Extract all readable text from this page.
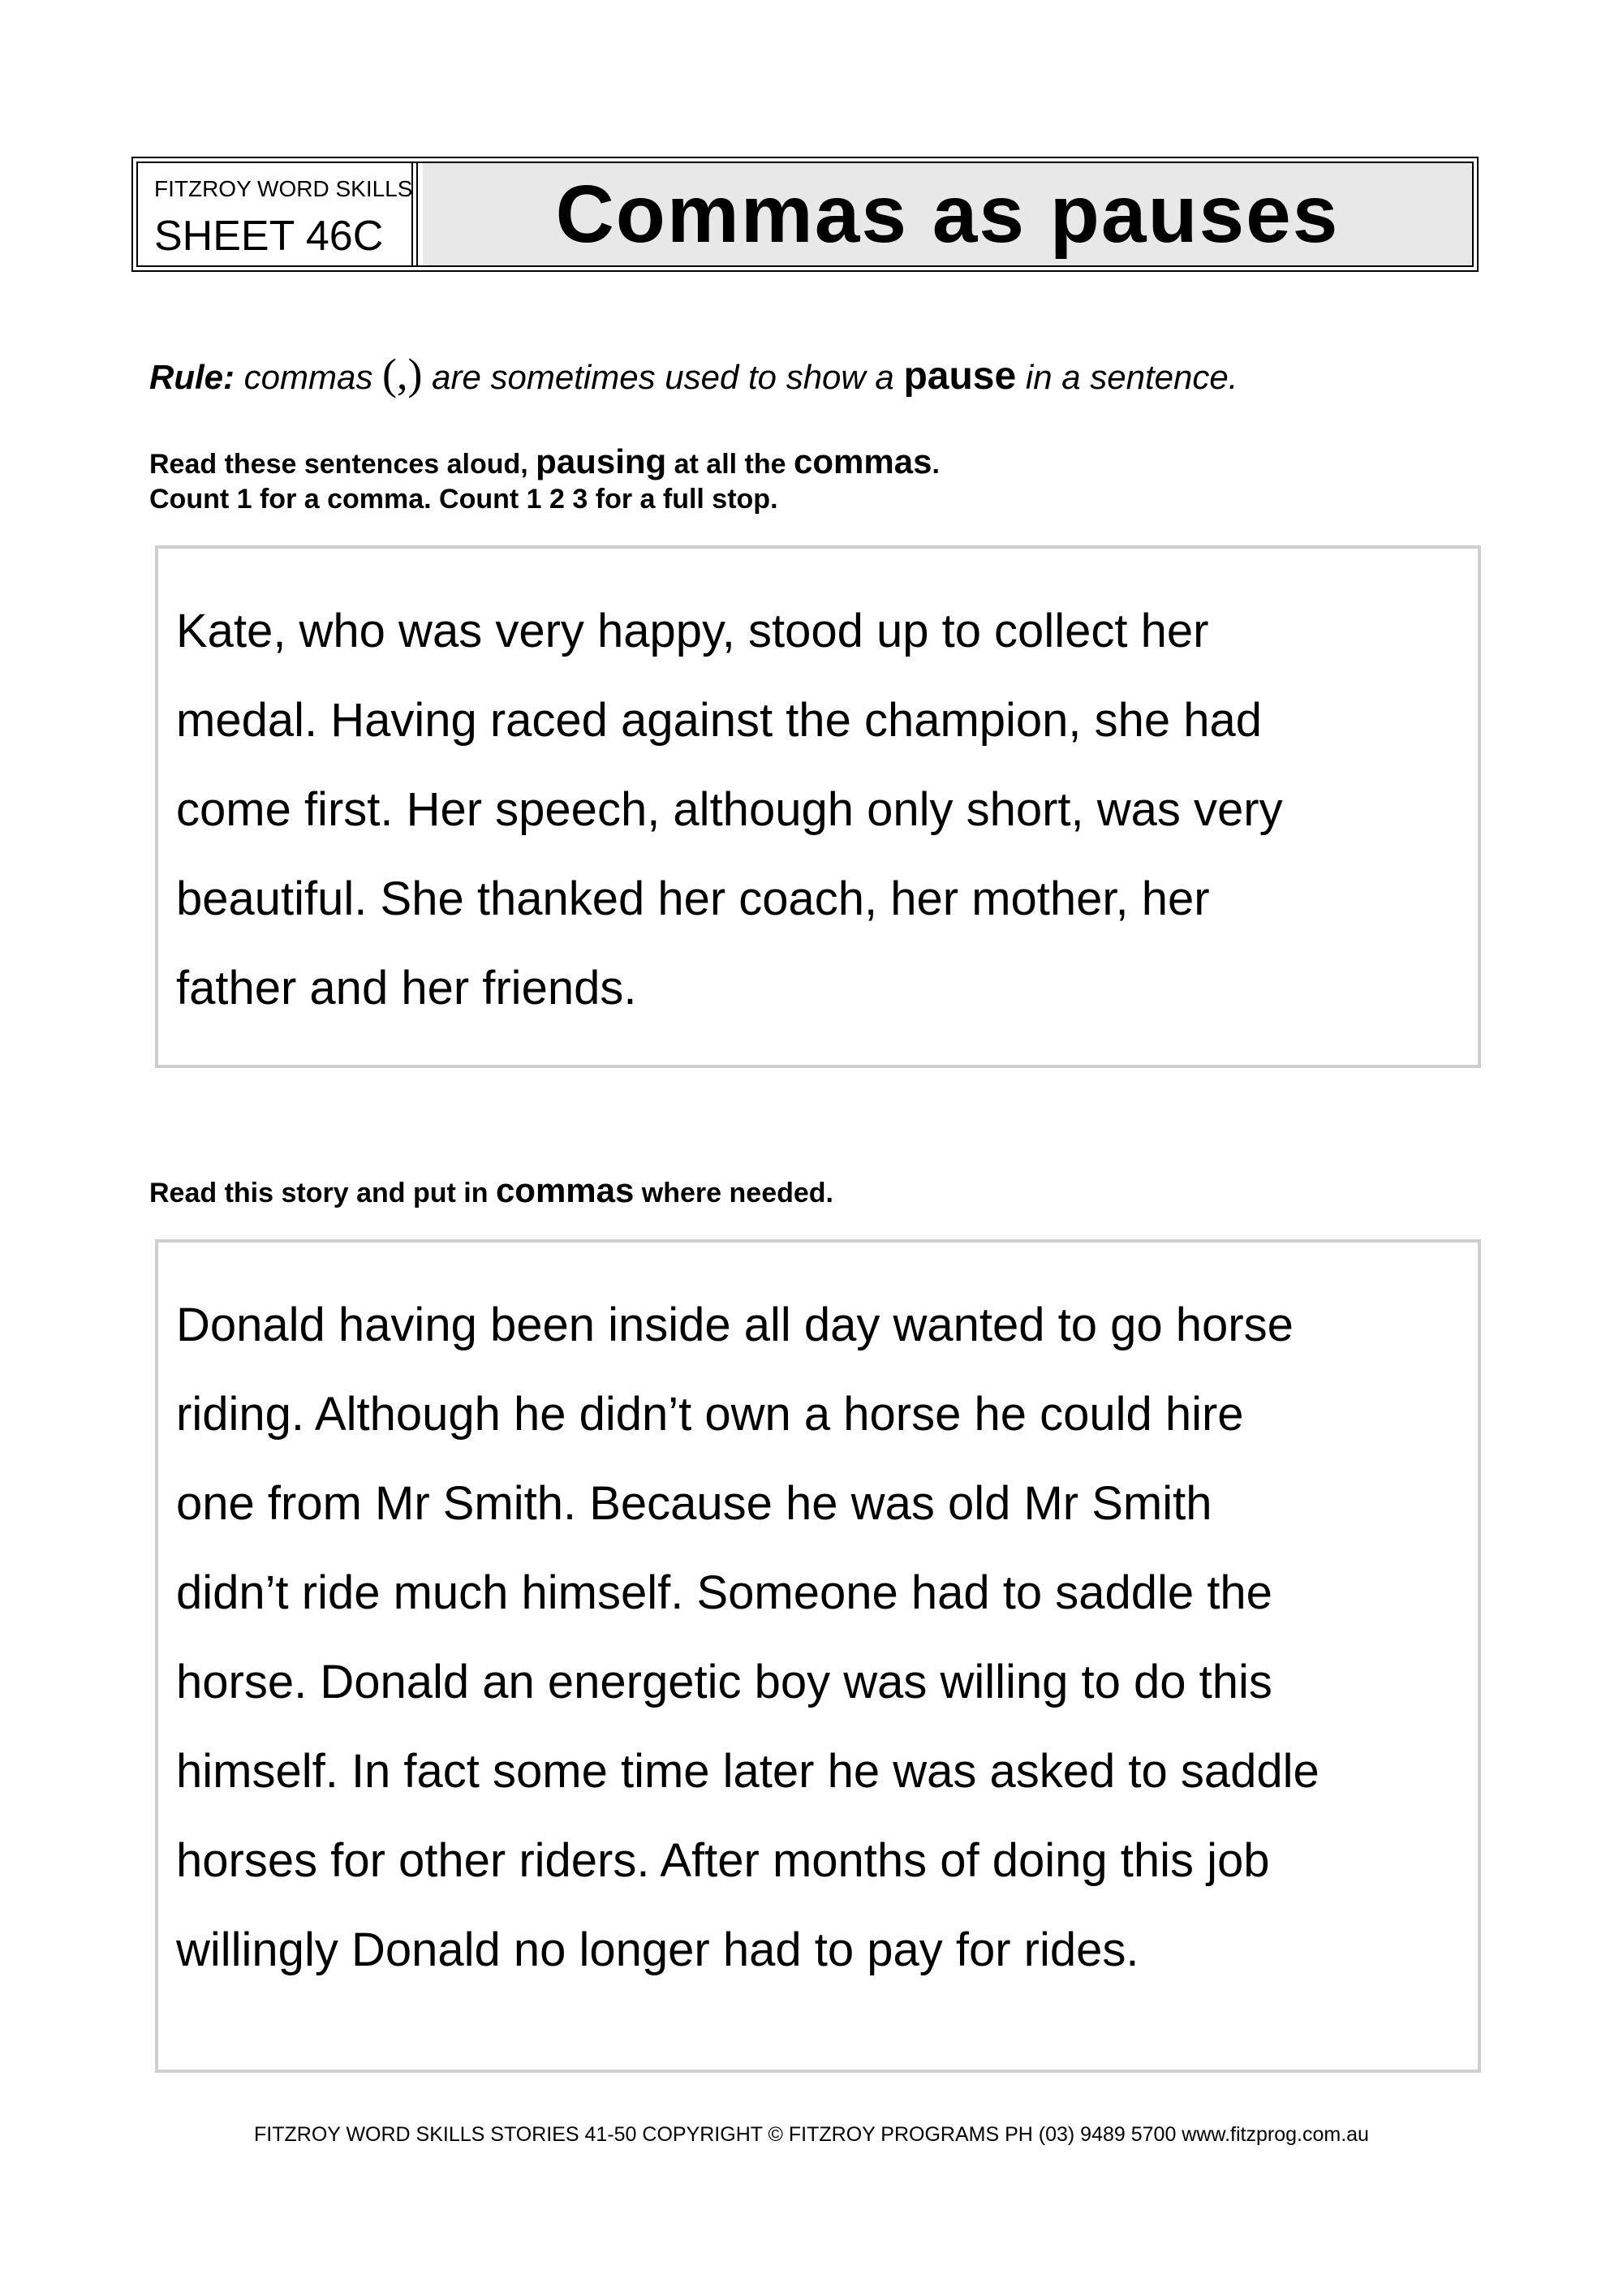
FITZROY WORD SKILLS
SHEET 46C Commas as pauses
Rule: commas (,) are sometimes used to show a pause in a sentence.
Read these sentences aloud, pausing at all the commas.
Count 1 for a comma. Count 1 2 3 for a full stop.
Kate, who was very happy, stood up to collect her
medal. Having raced against the champion, she had
come first. Her speech, although only short, was very
beautiful. She thanked her coach, her mother, her
father and her friends.
Read this story and put in commas where needed.
Donald having been inside all day wanted to go horse
riding. Although he didn’t own a horse he could hire
one from Mr Smith. Because he was old Mr Smith
didn’t ride much himself. Someone had to saddle the
horse. Donald an energetic boy was willing to do this
himself. In fact some time later he was asked to saddle
horses for other riders. After months of doing this job
willingly Donald no longer had to pay for rides.
FITZROY WORD SKILLS STORIES 41-50 COPYRIGHT © FITZROY PROGRAMS PH (03) 9489 5700 www.fitzprog.com.au
